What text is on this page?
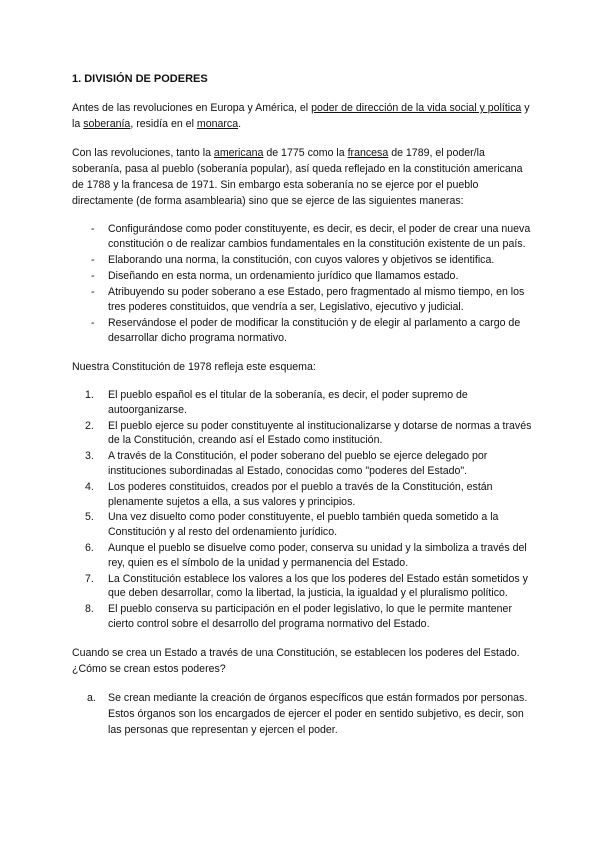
1. DIVISIÓN DE PODERES

Antes de las revoluciones en Europa y América, el poder de dirección de la vida social y política y la soberanía, residía en el monarca.

Con las revoluciones, tanto la americana de 1775 como la francesa de 1789, el poder/la soberanía, pasa al pueblo (soberanía popular), así queda reflejado en la constitución americana de 1788 y la francesa de 1971. Sin embargo esta soberanía no se ejerce por el pueblo directamente (de forma asamblearia) sino que se ejerce de las siguientes maneras:

- Configurándose como poder constituyente, es decir, es decir, el poder de crear una nueva constitución o de realizar cambios fundamentales en la constitución existente de un país.
- Elaborando una norma, la constitución, con cuyos valores y objetivos se identifica.
- Diseñando en esta norma, un ordenamiento jurídico que llamamos estado.
- Atribuyendo su poder soberano a ese Estado, pero fragmentado al mismo tiempo, en los tres poderes constituidos, que vendría a ser, Legislativo, ejecutivo y judicial.
- Reservándose el poder de modificar la constitución y de elegir al parlamento a cargo de desarrollar dicho programa normativo.

Nuestra Constitución de 1978 refleja este esquema:

1. El pueblo español es el titular de la soberanía, es decir, el poder supremo de autoorganizarse.
2. El pueblo ejerce su poder constituyente al institucionalizarse y dotarse de normas a través de la Constitución, creando así el Estado como institución.
3. A través de la Constitución, el poder soberano del pueblo se ejerce delegado por instituciones subordinadas al Estado, conocidas como "poderes del Estado".
4. Los poderes constituidos, creados por el pueblo a través de la Constitución, están plenamente sujetos a ella, a sus valores y principios.
5. Una vez disuelto como poder constituyente, el pueblo también queda sometido a la Constitución y al resto del ordenamiento jurídico.
6. Aunque el pueblo se disuelve como poder, conserva su unidad y la simboliza a través del rey, quien es el símbolo de la unidad y permanencia del Estado.
7. La Constitución establece los valores a los que los poderes del Estado están sometidos y que deben desarrollar, como la libertad, la justicia, la igualdad y el pluralismo político.
8. El pueblo conserva su participación en el poder legislativo, lo que le permite mantener cierto control sobre el desarrollo del programa normativo del Estado.

Cuando se crea un Estado a través de una Constitución, se establecen los poderes del Estado. ¿Cómo se crean estos poderes?

a. Se crean mediante la creación de órganos específicos que están formados por personas. Estos órganos son los encargados de ejercer el poder en sentido subjetivo, es decir, son las personas que representan y ejercen el poder.
